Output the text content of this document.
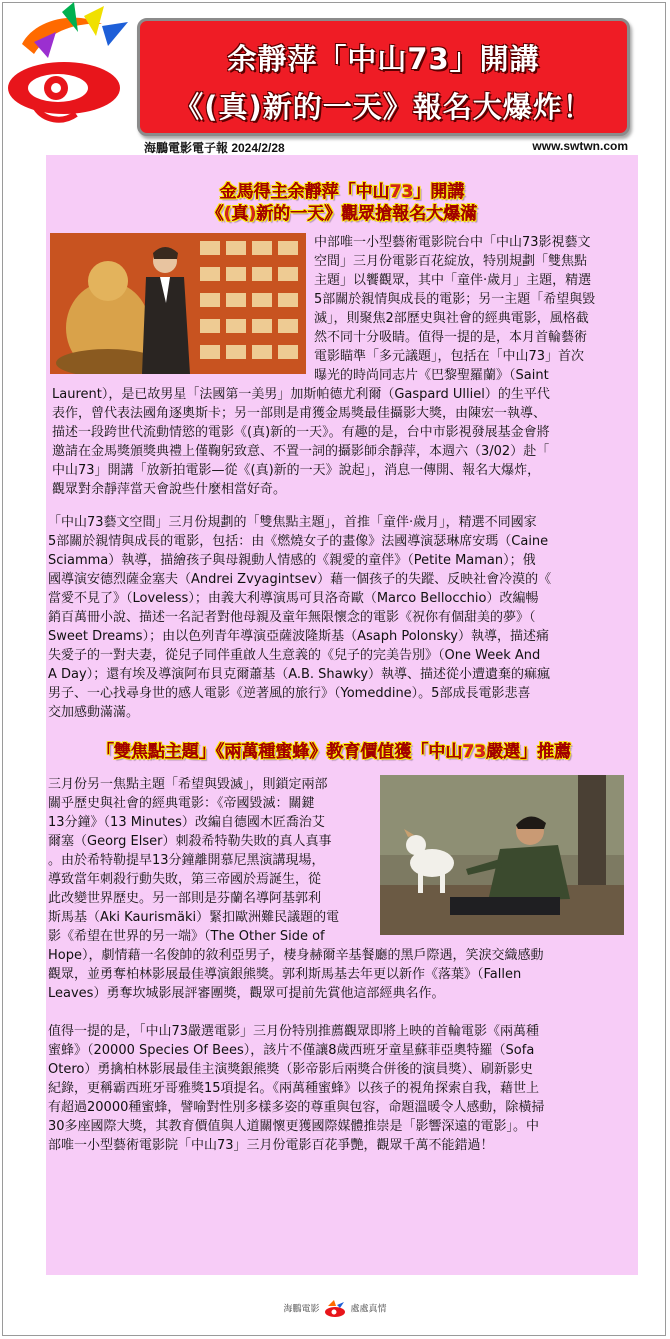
余靜萍「中山73」開講
《(真)新的一天》報名大爆炸！
海鵬電影電子報 2024/2/28	www.swtwn.com
金馬得主余靜萍「中山73」開講
《(真)新的一天》觀眾搶報名大爆滿
中部唯一小型藝術電影院台中「中山73影視藝文
空間」三月份電影百花綻放，特別規劃「雙焦點
主題」以饗觀眾，其中「童伴‧歲月」主題，精選
5部關於親情與成長的電影；另一主題「希望與毀
滅」，則聚焦2部歷史與社會的經典電影，風格截
然不同十分吸睛。值得一提的是，本月首輪藝術
電影瞄準「多元議題」，包括在「中山73」首次
曝光的時尚同志片《巴黎聖羅蘭》（Saint
Laurent），是已故男星「法國第一美男」加斯帕德尤利爾（Gaspard Ulliel）的生平代
表作，曾代表法國角逐奧斯卡；另一部則是甫獲金馬獎最佳攝影大獎，由陳宏一執導、
描述一段跨世代流動情慾的電影《(真)新的一天》。有趣的是，台中市影視發展基金會將
邀請在金馬獎頒獎典禮上僅鞠躬致意、不置一詞的攝影師余靜萍，本週六（3/02）赴「
中山73」開講「放新拍電影—從《(真)新的一天》說起」，消息一傳開、報名大爆炸，
觀眾對余靜萍當天會說些什麼相當好奇。
「中山73藝文空間」三月份規劃的「雙焦點主題」，首推「童伴‧歲月」，精選不同國家
5部關於親情與成長的電影，包括：由《燃燒女子的畫像》法國導演瑟琳席安瑪（Caine
Sciamma）執導，描繪孩子與母親動人情感的《親愛的童伴》（Petite Maman）；俄
國導演安德烈薩金塞夫（Andrei Zvyagintsev）藉一個孩子的失蹤、反映社會冷漠的《
當愛不見了》（Loveless）；由義大利導演馬可貝洛奇歐（Marco Bellocchio）改編暢
銷百萬冊小說、描述一名記者對他母親及童年無限懷念的電影《祝你有個甜美的夢》（
Sweet Dreams）；由以色列青年導演亞薩波隆斯基（Asaph Polonsky）執導，描述痛
失愛子的一對夫妻，從兒子同伴重啟人生意義的《兒子的完美告別》（One Week And
A Day）；還有埃及導演阿布貝克爾蕭基（A.B. Shawky）執導、描述從小遭遺棄的痲瘋
男子、一心找尋身世的感人電影《逆著風的旅行》（Yomeddine）。5部成長電影悲喜
交加感動滿滿。
「雙焦點主題」《兩萬種蜜蜂》教育價值獲「中山73嚴選」推薦
三月份另一焦點主題「希望與毀滅」，則鎖定兩部
關乎歷史與社會的經典電影：《帝國毀滅：關鍵
13分鐘》（13 Minutes）改編自德國木匠喬治艾
爾塞（Georg Elser）刺殺希特勒失敗的真人真事
。由於希特勒提早13分鐘離開慕尼黑演講現場，
導致當年刺殺行動失敗，第三帝國於焉誕生，從
此改變世界歷史。另一部則是芬蘭名導阿基郭利
斯馬基（Aki Kaurismäki）緊扣歐洲難民議題的電
影《希望在世界的另一端》（The Other Side of
Hope），劇情藉一名俊帥的敘利亞男子，棲身赫爾辛基餐廳的黑戶際遇，笑淚交織感動
觀眾，並勇奪柏林影展最佳導演銀熊獎。郭利斯馬基去年更以新作《落葉》（Fallen
Leaves）勇奪坎城影展評審團獎，觀眾可提前先賞他這部經典名作。
值得一提的是，「中山73嚴選電影」三月份特別推薦觀眾即將上映的首輪電影《兩萬種
蜜蜂》（20000 Species Of Bees），該片不僅讓8歲西班牙童星蘇菲亞奧特羅（Sofa
Otero）勇擒柏林影展最佳主演獎銀熊獎（影帝影后兩獎合併後的演員獎）、刷新影史
紀錄，更稱霸西班牙哥雅獎15項提名。《兩萬種蜜蜂》以孩子的視角探索自我，藉世上
有超過20000種蜜蜂，譬喻對性別多樣多姿的尊重與包容，命題溫暖令人感動，除橫掃
30多座國際大獎，其教育價值與人道關懷更獲國際媒體推崇是「影響深遠的電影」。中
部唯一小型藝術電影院「中山73」三月份電影百花爭艷，觀眾千萬不能錯過！
海鵬電影	處處真情
